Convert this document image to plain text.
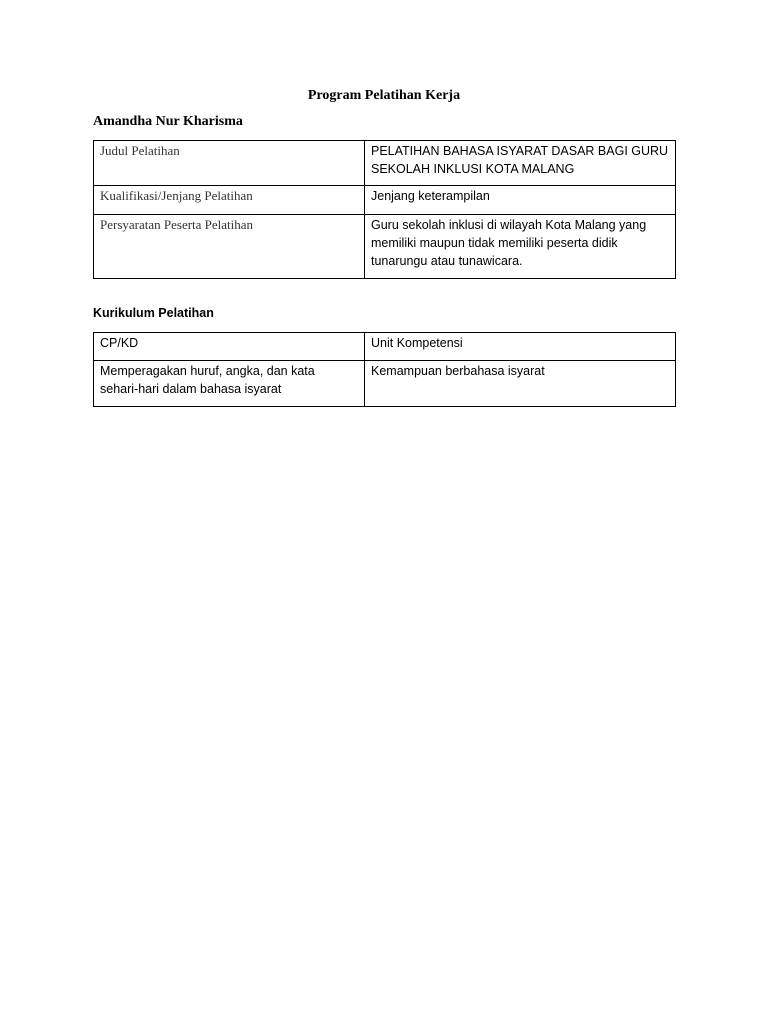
Program Pelatihan Kerja
Amandha Nur Kharisma
Judul Pelatihan	PELATIHAN BAHASA ISYARAT DASAR BAGI GURU
SEKOLAH INKLUSI KOTA MALANG

Kualifikasi/Jenjang Pelatihan	Jenjang keterampilan

Persyaratan Peserta Pelatihan	Guru sekolah inklusi di wilayah Kota Malang yang
memiliki maupun tidak memiliki peserta didik
tunarungu atau tunawicara.
Kurikulum Pelatihan
CP/KD	Unit Kompetensi

Memperagakan huruf, angka, dan kata
sehari-hari dalam bahasa isyarat	Kemampuan berbahasa isyarat
